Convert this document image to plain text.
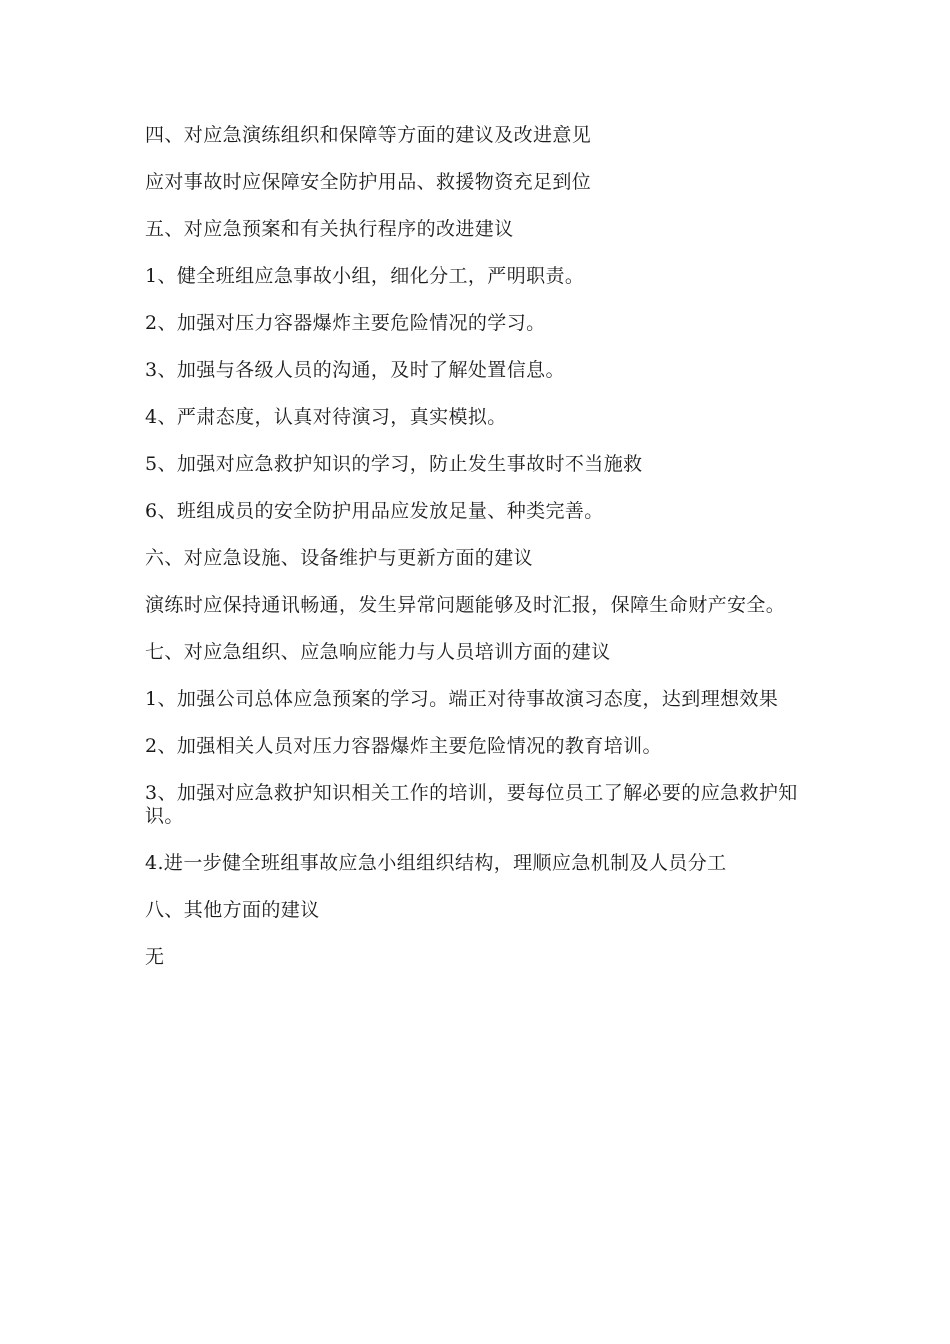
四、对应急演练组织和保障等方面的建议及改进意见

应对事故时应保障安全防护用品、救援物资充足到位

五、对应急预案和有关执行程序的改进建议

1、健全班组应急事故小组，细化分工，严明职责。

2、加强对压力容器爆炸主要危险情况的学习。

3、加强与各级人员的沟通，及时了解处置信息。

4、严肃态度，认真对待演习，真实模拟。

5、加强对应急救护知识的学习，防止发生事故时不当施救

6、班组成员的安全防护用品应发放足量、种类完善。

六、对应急设施、设备维护与更新方面的建议

演练时应保持通讯畅通，发生异常问题能够及时汇报，保障生命财产安全。

七、对应急组织、应急响应能力与人员培训方面的建议

1、加强公司总体应急预案的学习。端正对待事故演习态度，达到理想效果

2、加强相关人员对压力容器爆炸主要危险情况的教育培训。

3、加强对应急救护知识相关工作的培训，要每位员工了解必要的应急救护知识。

4.进一步健全班组事故应急小组组织结构，理顺应急机制及人员分工

八、其他方面的建议

无
